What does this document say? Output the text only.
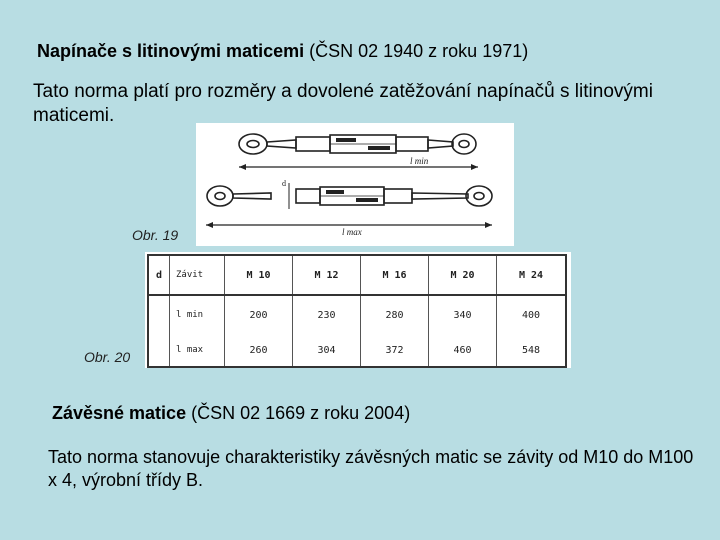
Napínače s litinovými maticemi (ČSN 02 1940 z roku 1971)
Tato norma platí pro rozměry a dovolené zatěžování napínačů s litinovými maticemi.
l min
d
l max
Obr. 19
d	Závit	M 10	M 12	M 16	M 20	M 24
	l min	200	230	280	340	400
	l max	260	304	372	460	548
Obr. 20
Závěsné matice (ČSN 02 1669 z roku 2004)
Tato norma stanovuje charakteristiky závěsných matic se závity od M10 do M100 x 4, výrobní třídy B.
